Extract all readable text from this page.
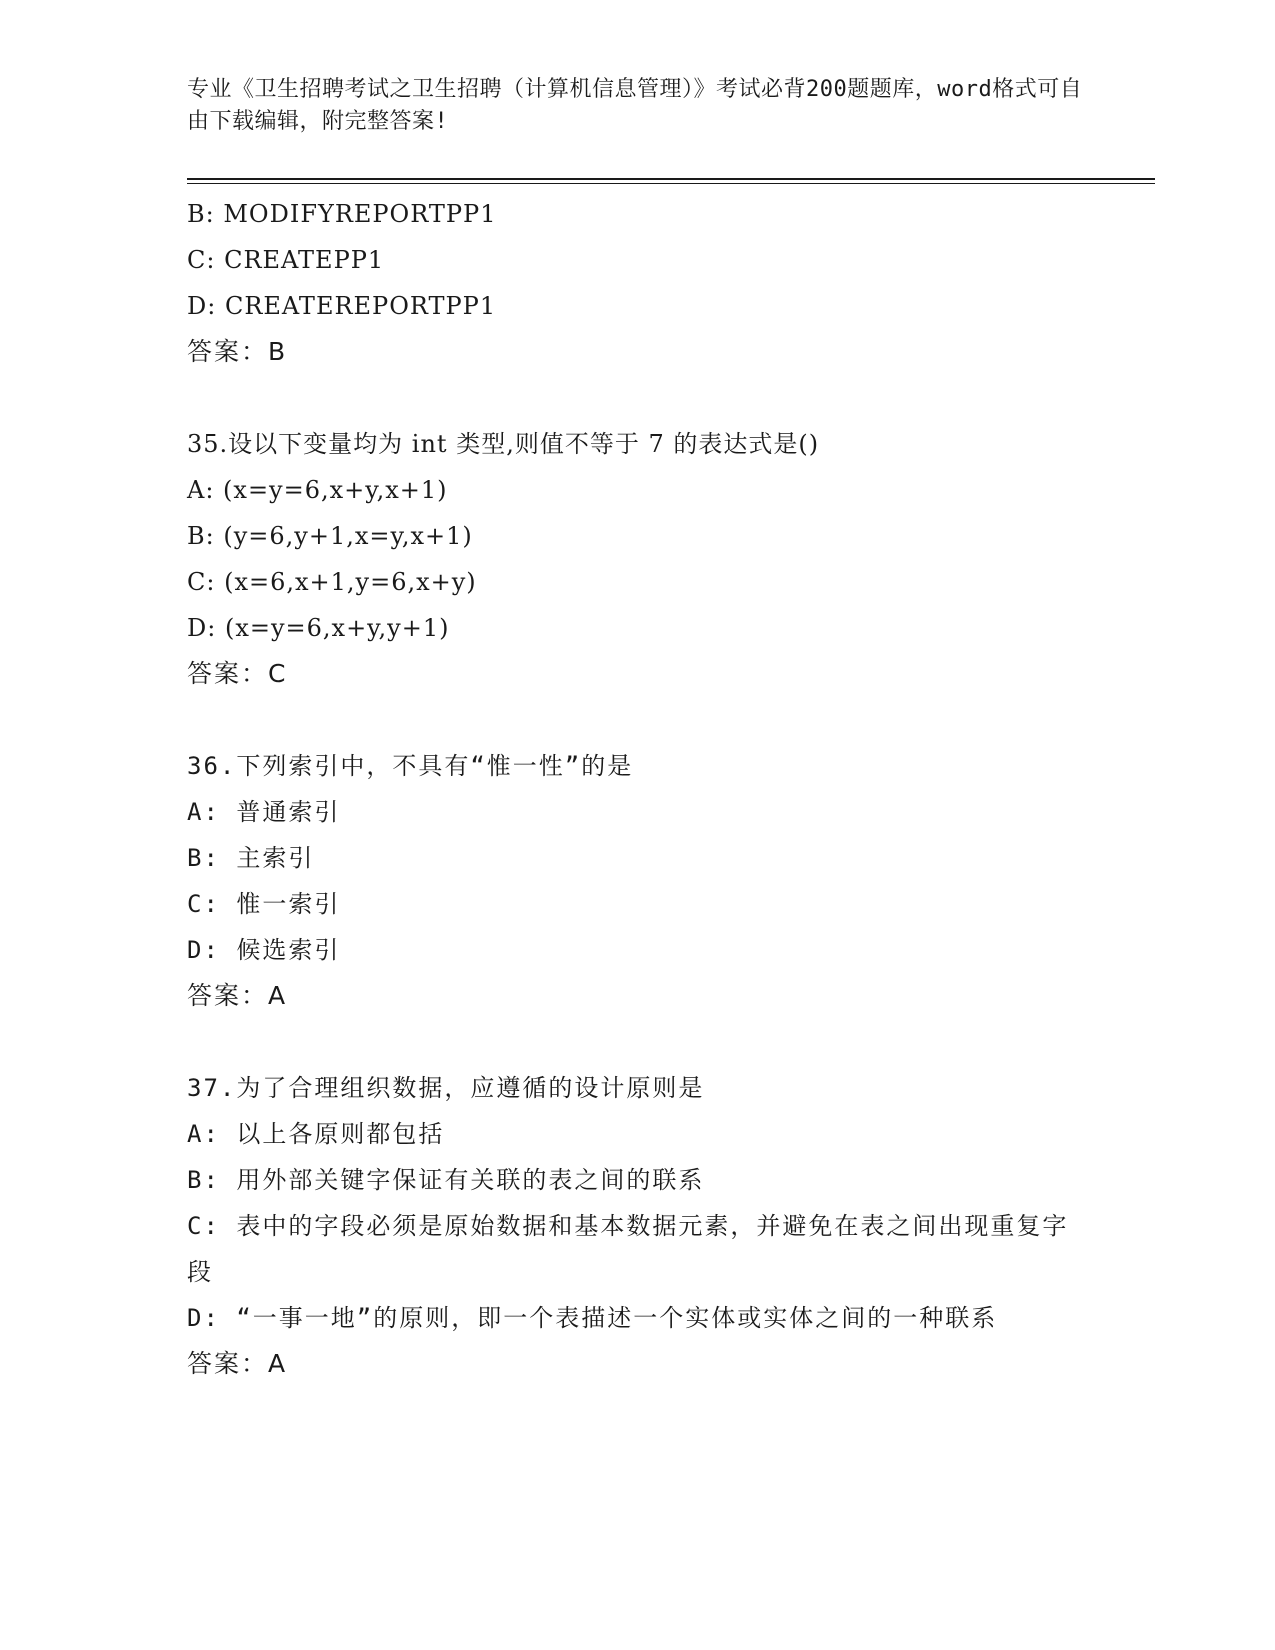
专业《卫生招聘考试之卫生招聘（计算机信息管理）》考试必背200题题库，word格式可自由下载编辑，附完整答案!
B: MODIFYREPORTPP1
C: CREATEPP1
D: CREATEREPORTPP1
答案：B
35.设以下变量均为 int 类型,则值不等于 7 的表达式是()
A: (x=y=6,x+y,x+1)
B: (y=6,y+1,x=y,x+1)
C: (x=6,x+1,y=6,x+y)
D: (x=y=6,x+y,y+1)
答案：C
36.下列索引中，不具有“惟一性”的是
A: 普通索引
B: 主索引
C: 惟一索引
D: 候选索引
答案：A
37.为了合理组织数据，应遵循的设计原则是
A: 以上各原则都包括
B: 用外部关键字保证有关联的表之间的联系
C: 表中的字段必须是原始数据和基本数据元素，并避免在表之间出现重复字段
D: “一事一地”的原则，即一个表描述一个实体或实体之间的一种联系
答案：A
